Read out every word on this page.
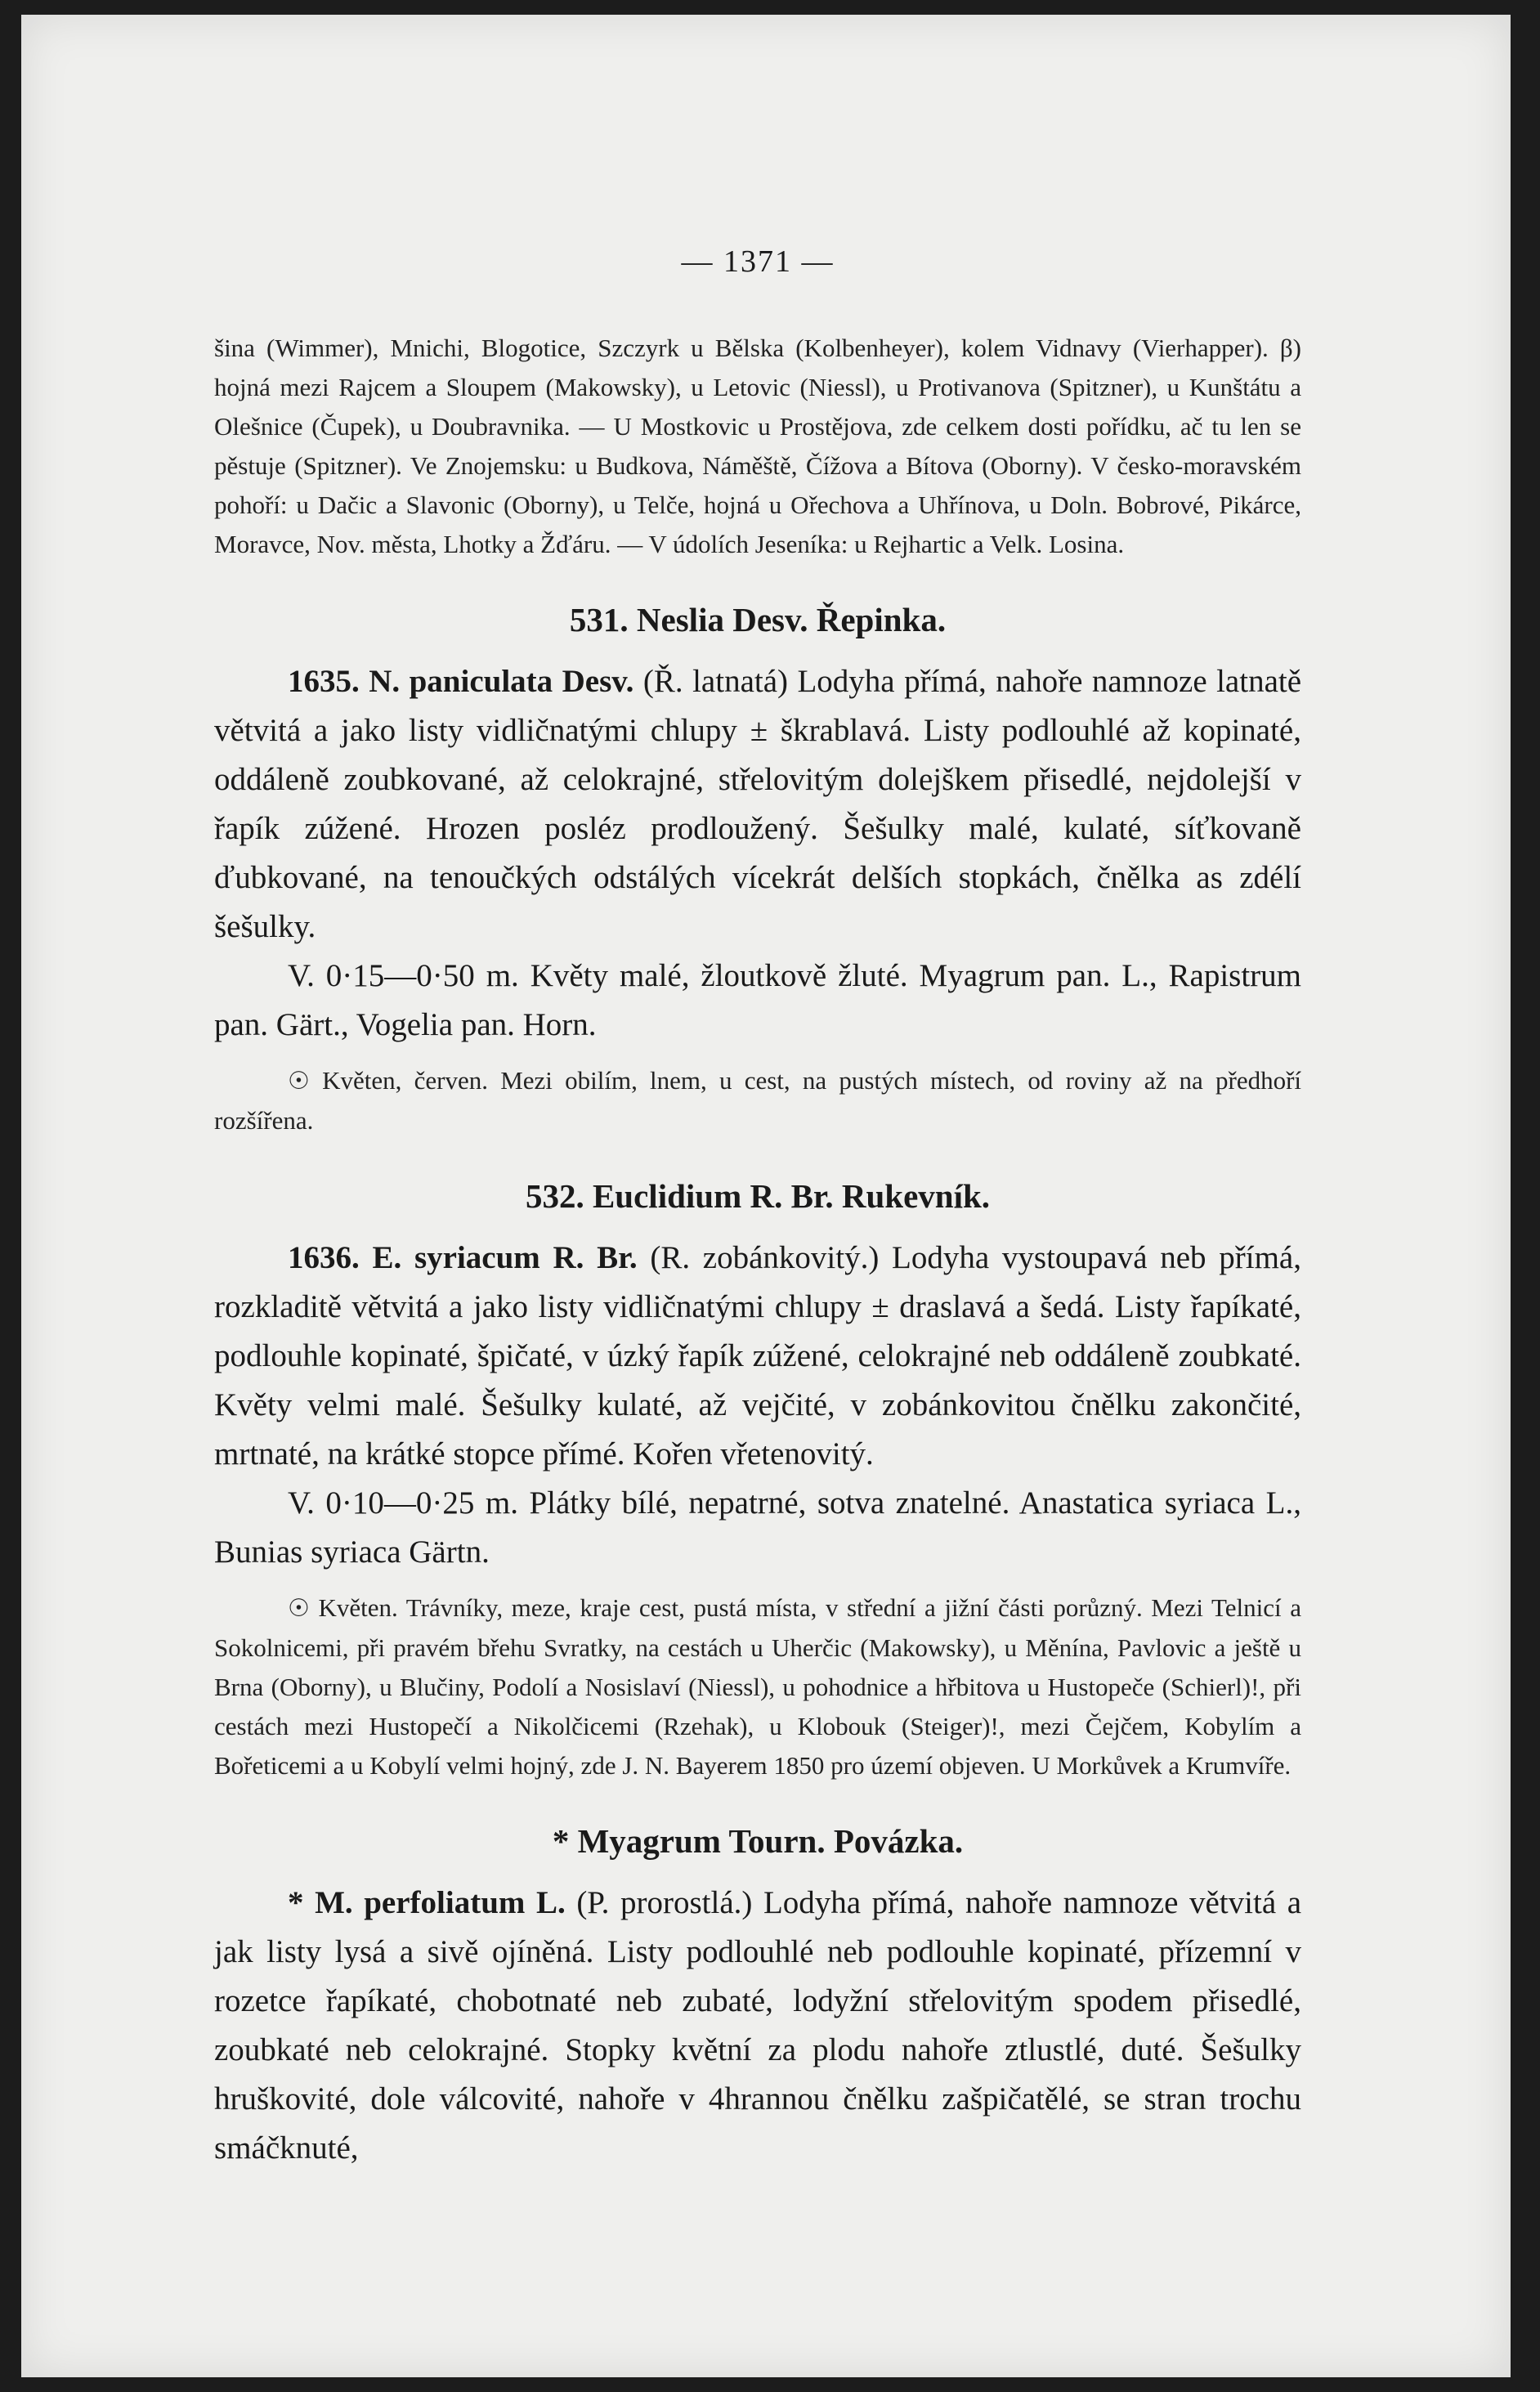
— 1371 —

šina (Wimmer), Mnichi, Blogotice, Szczyrk u Bělska (Kolbenheyer), kolem Vidnavy (Vierhapper). β) hojná mezi Rajcem a Sloupem (Makowsky), u Letovic (Niessl), u Protivanova (Spitzner), u Kunštátu a Olešnice (Čupek), u Doubravnika. — U Mostkovic u Prostějova, zde celkem dosti pořídku, ač tu len se pěstuje (Spitzner). Ve Znojemsku: u Budkova, Náměště, Čížova a Bítova (Oborny). V česko-moravském pohoří: u Dačic a Slavonic (Oborny), u Telče, hojná u Ořechova a Uhřínova, u Doln. Bobrové, Pikárce, Moravce, Nov. města, Lhotky a Žďáru. — V údolích Jeseníka: u Rejhartic a Velk. Losina.

531. Neslia Desv. Řepinka.

1635. N. paniculata Desv. (Ř. latnatá) Lodyha přímá, nahoře namnoze latnatě větvitá a jako listy vidličnatými chlupy ± škrablavá. Listy podlouhlé až kopinaté, oddáleně zoubkované, až celokrajné, střelovitým dolejškem přisedlé, nejdolejší v řapík zúžené. Hrozen posléz prodloužený. Šešulky malé, kulaté, síťkovaně ďubkované, na tenoučkých odstálých vícekrát delších stopkách, čnělka as zdélí šešulky.

V. 0·15—0·50 m. Květy malé, žloutkově žluté. Myagrum pan. L., Rapistrum pan. Gärt., Vogelia pan. Horn.

☉ Květen, červen. Mezi obilím, lnem, u cest, na pustých místech, od roviny až na předhoří rozšířena.

532. Euclidium R. Br. Rukevník.

1636. E. syriacum R. Br. (R. zobánkovitý.) Lodyha vystoupavá neb přímá, rozkladitě větvitá a jako listy vidličnatými chlupy ± draslavá a šedá. Listy řapíkaté, podlouhle kopinaté, špičaté, v úzký řapík zúžené, celokrajné neb oddáleně zoubkaté. Květy velmi malé. Šešulky kulaté, až vejčité, v zobánkovitou čnělku zakončité, mrtnaté, na krátké stopce přímé. Kořen vřetenovitý.

V. 0·10—0·25 m. Plátky bílé, nepatrné, sotva znatelné. Anastatica syriaca L., Bunias syriaca Gärtn.

☉ Květen. Trávníky, meze, kraje cest, pustá místa, v střední a jižní části porůzný. Mezi Telnicí a Sokolnicemi, při pravém břehu Svratky, na cestách u Uherčic (Makowsky), u Měnína, Pavlovic a ještě u Brna (Oborny), u Blučiny, Podolí a Nosislaví (Niessl), u pohodnice a hřbitova u Hustopeče (Schierl)!, při cestách mezi Hustopečí a Nikolčicemi (Rzehak), u Klobouk (Steiger)!, mezi Čejčem, Kobylím a Bořeticemi a u Kobylí velmi hojný, zde J. N. Bayerem 1850 pro území objeven. U Morkůvek a Krumvíře.

* Myagrum Tourn. Povázka.

* M. perfoliatum L. (P. prorostlá.) Lodyha přímá, nahoře namnoze větvitá a jak listy lysá a sivě ojíněná. Listy podlouhlé neb podlouhle kopinaté, přízemní v rozetce řapíkaté, chobotnaté neb zubaté, lodyžní střelovitým spodem přisedlé, zoubkaté neb celokrajné. Stopky květní za plodu nahoře ztlustlé, duté. Šešulky hruškovité, dole válcovité, nahoře v 4hrannou čnělku zašpičatělé, se stran trochu smáčknuté,
